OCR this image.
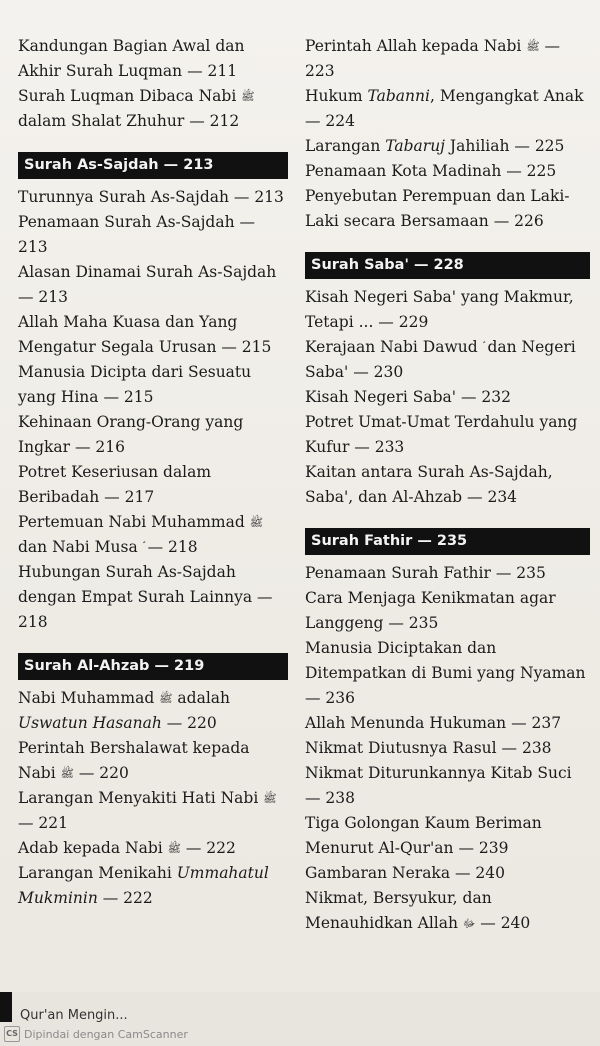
Kandungan Bagian Awal dan Akhir Surah Luqman — 211

Surah Luqman Dibaca Nabi ﷺ dalam Shalat Zhuhur — 212

Surah As-Sajdah — 213

Turunnya Surah As-Sajdah — 213

Penamaan Surah As-Sajdah — 213

Alasan Dinamai Surah As-Sajdah — 213

Allah Maha Kuasa dan Yang Mengatur Segala Urusan — 215

Manusia Dicipta dari Sesuatu yang Hina — 215

Kehinaan Orang-Orang yang Ingkar — 216

Potret Keseriusan dalam Beribadah — 217

Pertemuan Nabi Muhammad ﷺ dan Nabi Musa  — 218

Hubungan Surah As-Sajdah dengan Empat Surah Lainnya — 218

Surah Al-Ahzab — 219

Nabi Muhammad ﷺ adalah Uswatun Hasanah — 220

Perintah Bershalawat kepada Nabi ﷺ — 220

Larangan Menyakiti Hati Nabi ﷺ — 221

Adab kepada Nabi ﷺ — 222

Larangan Menikahi Ummahatul Mukminin — 222

Perintah Allah kepada Nabi ﷺ — 223

Hukum Tabanni, Mengangkat Anak — 224

Larangan Tabaruj Jahiliah — 225

Penamaan Kota Madinah — 225

Penyebutan Perempuan dan Laki-Laki secara Bersamaan — 226

Surah Saba' — 228

Kisah Negeri Saba' yang Makmur, Tetapi ... — 229

Kerajaan Nabi Dawud  dan Negeri Saba' — 230

Kisah Negeri Saba' — 232

Potret Umat-Umat Terdahulu yang Kufur — 233

Kaitan antara Surah As-Sajdah, Saba', dan Al-Ahzab — 234

Surah Fathir — 235

Penamaan Surah Fathir — 235

Cara Menjaga Kenikmatan agar Langgeng — 235

Manusia Diciptakan dan Ditempatkan di Bumi yang Nyaman — 236

Allah Menunda Hukuman — 237

Nikmat Diutusnya Rasul — 238

Nikmat Diturunkannya Kitab Suci — 238

Tiga Golongan Kaum Beriman Menurut Al-Qur'an — 239

Gambaran Neraka — 240

Nikmat, Bersyukur, dan Menauhidkan Allah ﷻ — 240

Qur'an Mengin...
CS Dipindai dengan CamScanner
